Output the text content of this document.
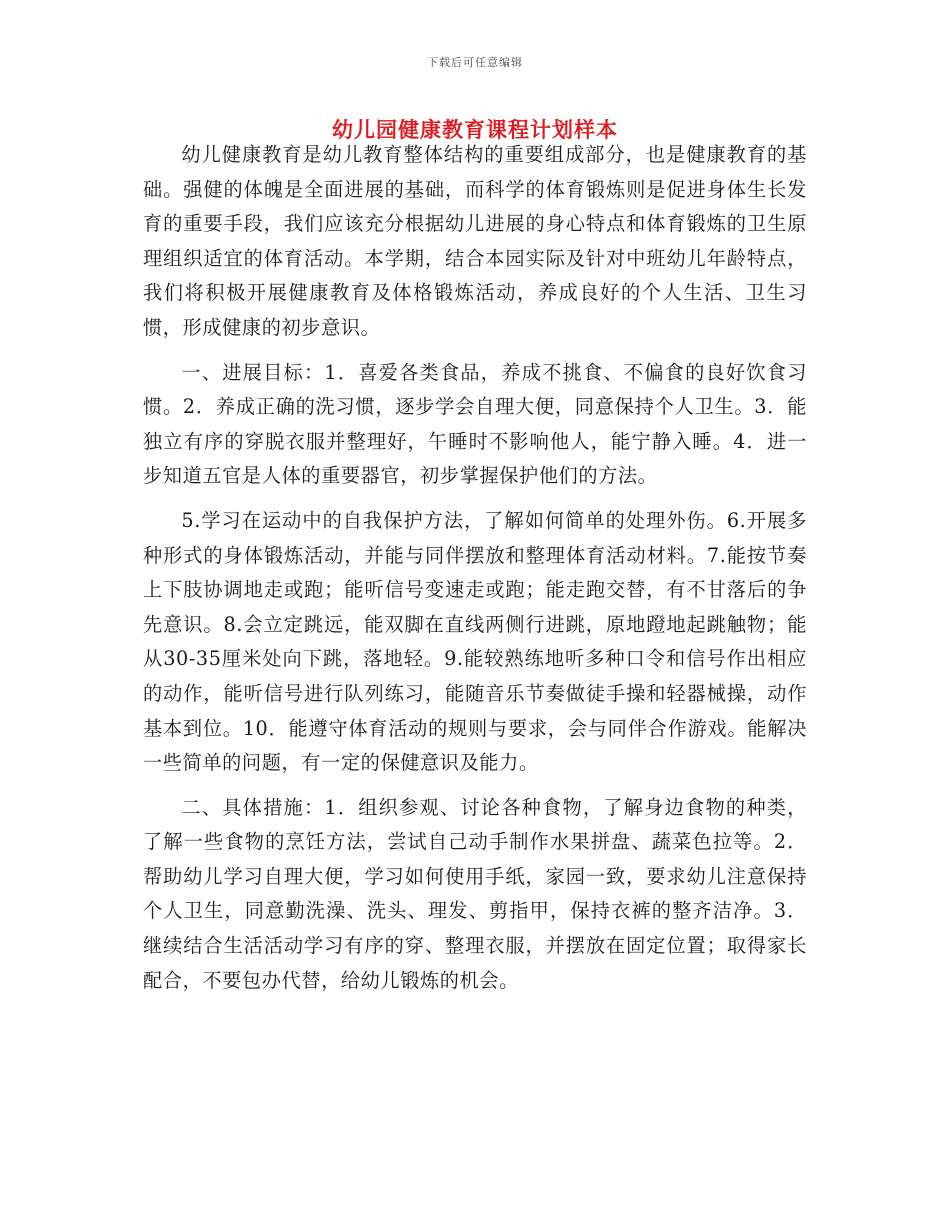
下载后可任意编辑
幼儿园健康教育课程计划样本

幼儿健康教育是幼儿教育整体结构的重要组成部分，也是健康教育的基础。强健的体魄是全面进展的基础，而科学的体育锻炼则是促进身体生长发育的重要手段，我们应该充分根据幼儿进展的身心特点和体育锻炼的卫生原理组织适宜的体育活动。本学期，结合本园实际及针对中班幼儿年龄特点，我们将积极开展健康教育及体格锻炼活动，养成良好的个人生活、卫生习惯，形成健康的初步意识。

一、进展目标：1．喜爱各类食品，养成不挑食、不偏食的良好饮食习惯。2．养成正确的洗习惯，逐步学会自理大便，同意保持个人卫生。3．能独立有序的穿脱衣服并整理好，午睡时不影响他人，能宁静入睡。4．进一步知道五官是人体的重要器官，初步掌握保护他们的方法。

5.学习在运动中的自我保护方法，了解如何简单的处理外伤。6.开展多种形式的身体锻炼活动，并能与同伴摆放和整理体育活动材料。7.能按节奏上下肢协调地走或跑；能听信号变速走或跑；能走跑交替，有不甘落后的争先意识。8.会立定跳远，能双脚在直线两侧行进跳，原地蹬地起跳触物；能从30-35厘米处向下跳，落地轻。9.能较熟练地听多种口令和信号作出相应的动作，能听信号进行队列练习，能随音乐节奏做徒手操和轻器械操，动作基本到位。10．能遵守体育活动的规则与要求，会与同伴合作游戏。能解决一些简单的问题，有一定的保健意识及能力。

二、具体措施：1．组织参观、讨论各种食物，了解身边食物的种类，了解一些食物的烹饪方法，尝试自己动手制作水果拼盘、蔬菜色拉等。2．帮助幼儿学习自理大便，学习如何使用手纸，家园一致，要求幼儿注意保持个人卫生，同意勤洗澡、洗头、理发、剪指甲，保持衣裤的整齐洁净。3．继续结合生活活动学习有序的穿、整理衣服，并摆放在固定位置；取得家长配合，不要包办代替，给幼儿锻炼的机会。
